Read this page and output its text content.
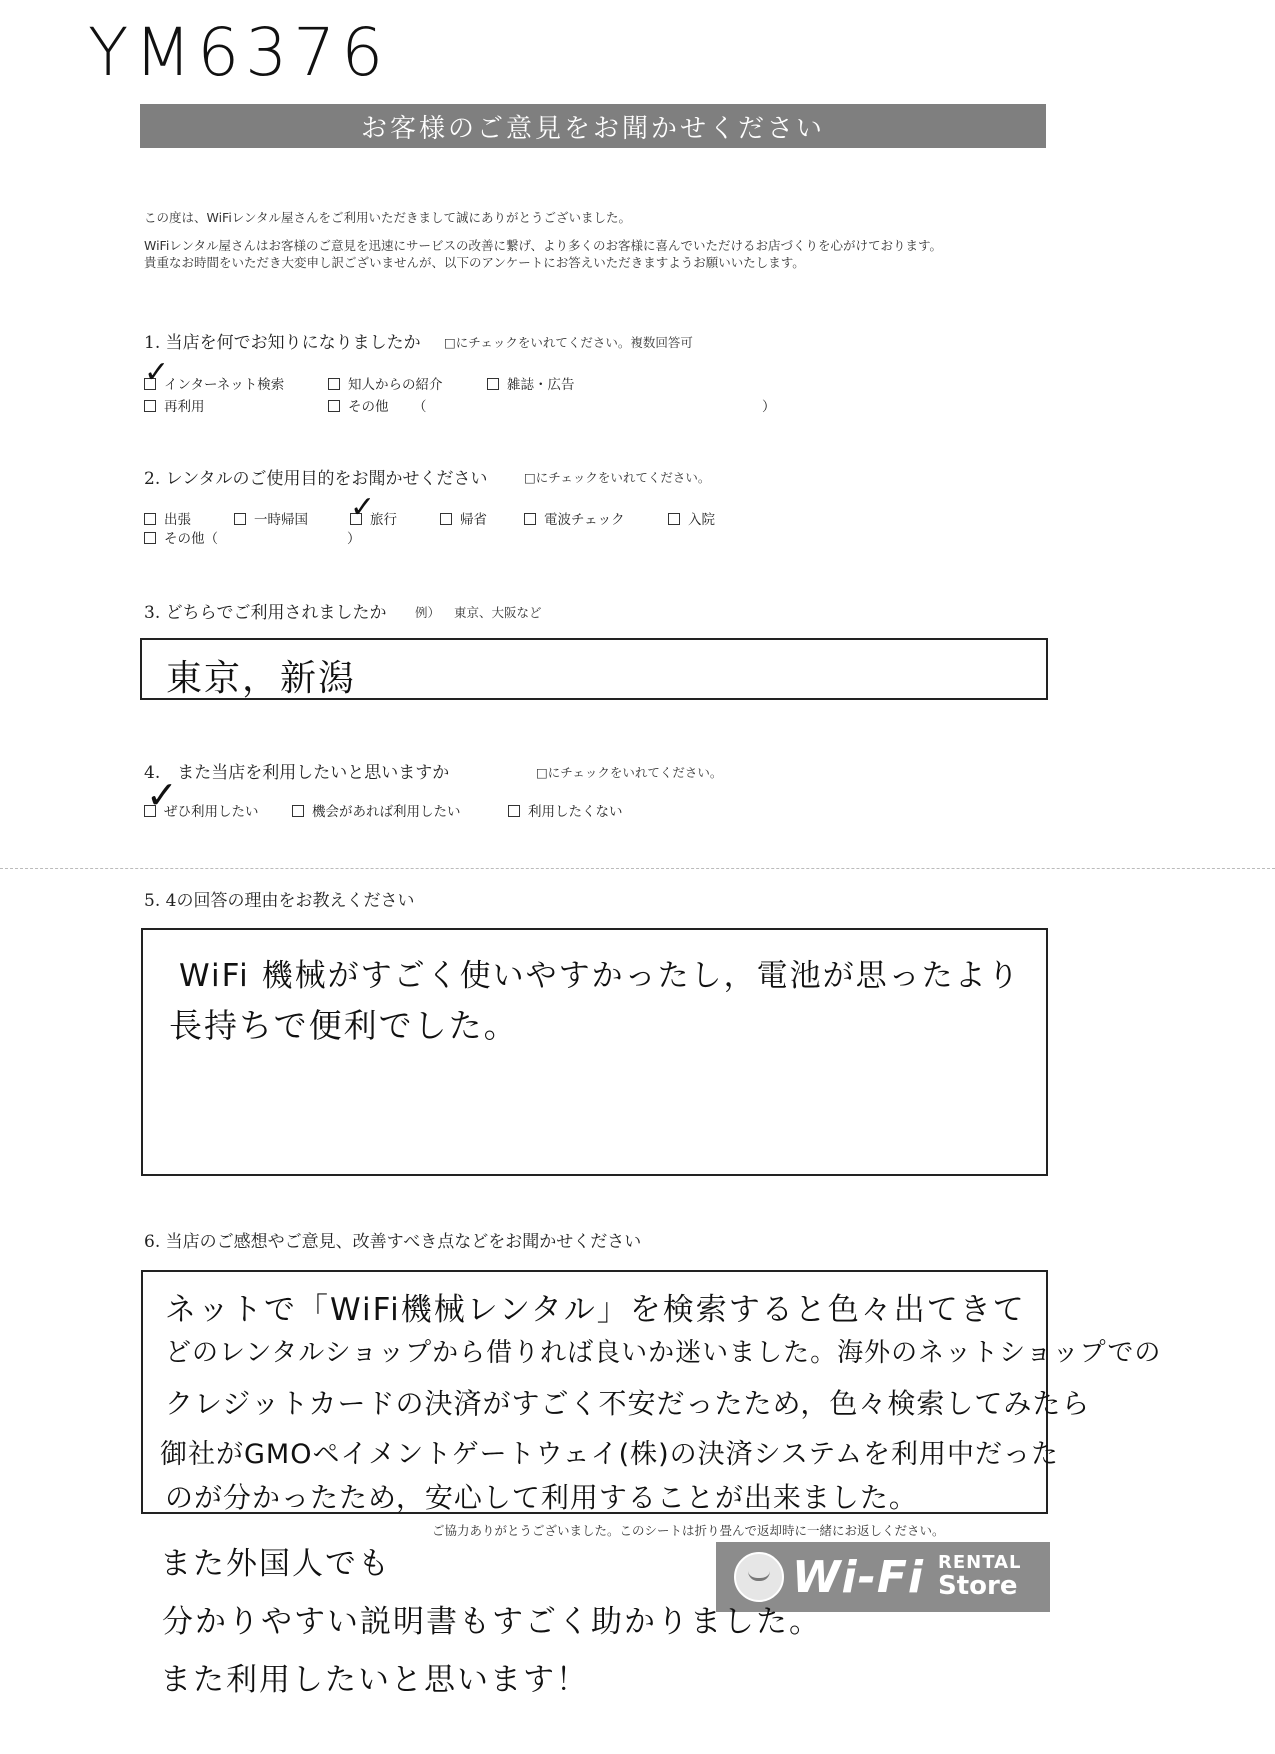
YM6376
お客様のご意見をお聞かせください
この度は、WiFiレンタル屋さんをご利用いただきまして誠にありがとうございました。
WiFiレンタル屋さんはお客様のご意見を迅速にサービスの改善に繋げ、より多くのお客様に喜んでいただけるお店づくりを心がけております。
貴重なお時間をいただき大変申し訳ございませんが、以下のアンケートにお答えいただきますようお願いいたします。
1. 当店を何でお知りになりましたか □にチェックをいれてください。複数回答可
インターネット検索
✓	知人からの紹介	雑誌・広告
再利用	その他 （	）
2. レンタルのご使用目的をお聞かせください	□にチェックをいれてください。
出張	一時帰国	旅行
✓	帰省	電波チェック	入院
その他（	）
3. どちらでご利用されましたか 例） 東京、大阪など
東京，新潟
4.　また当店を利用したいと思いますか	□にチェックをいれてください。
ぜひ利用したい
✓	機会があれば利用したい	利用したくない
5. 4の回答の理由をお教えください
WiFi 機械がすごく使いやすかったし，電池が思ったより
長持ちで便利でした。
6. 当店のご感想やご意見、改善すべき点などをお聞かせください
ネットで「WiFi機械レンタル」を検索すると色々出てきて
どのレンタルショップから借りれば良いか迷いました。海外のネットショップでの
クレジットカードの決済がすごく不安だったため，色々検索してみたら
御社がGMOペイメントゲートウェイ(株)の決済システムを利用中だった
のが分かったため，安心して利用することが出来ました。
ご協力ありがとうございました。このシートは折り畳んで返却時に一緒にお返しください。
Wi-Fi RENTAL
Store
また外国人でも
分かりやすい説明書もすごく助かりました。
また利用したいと思います！
